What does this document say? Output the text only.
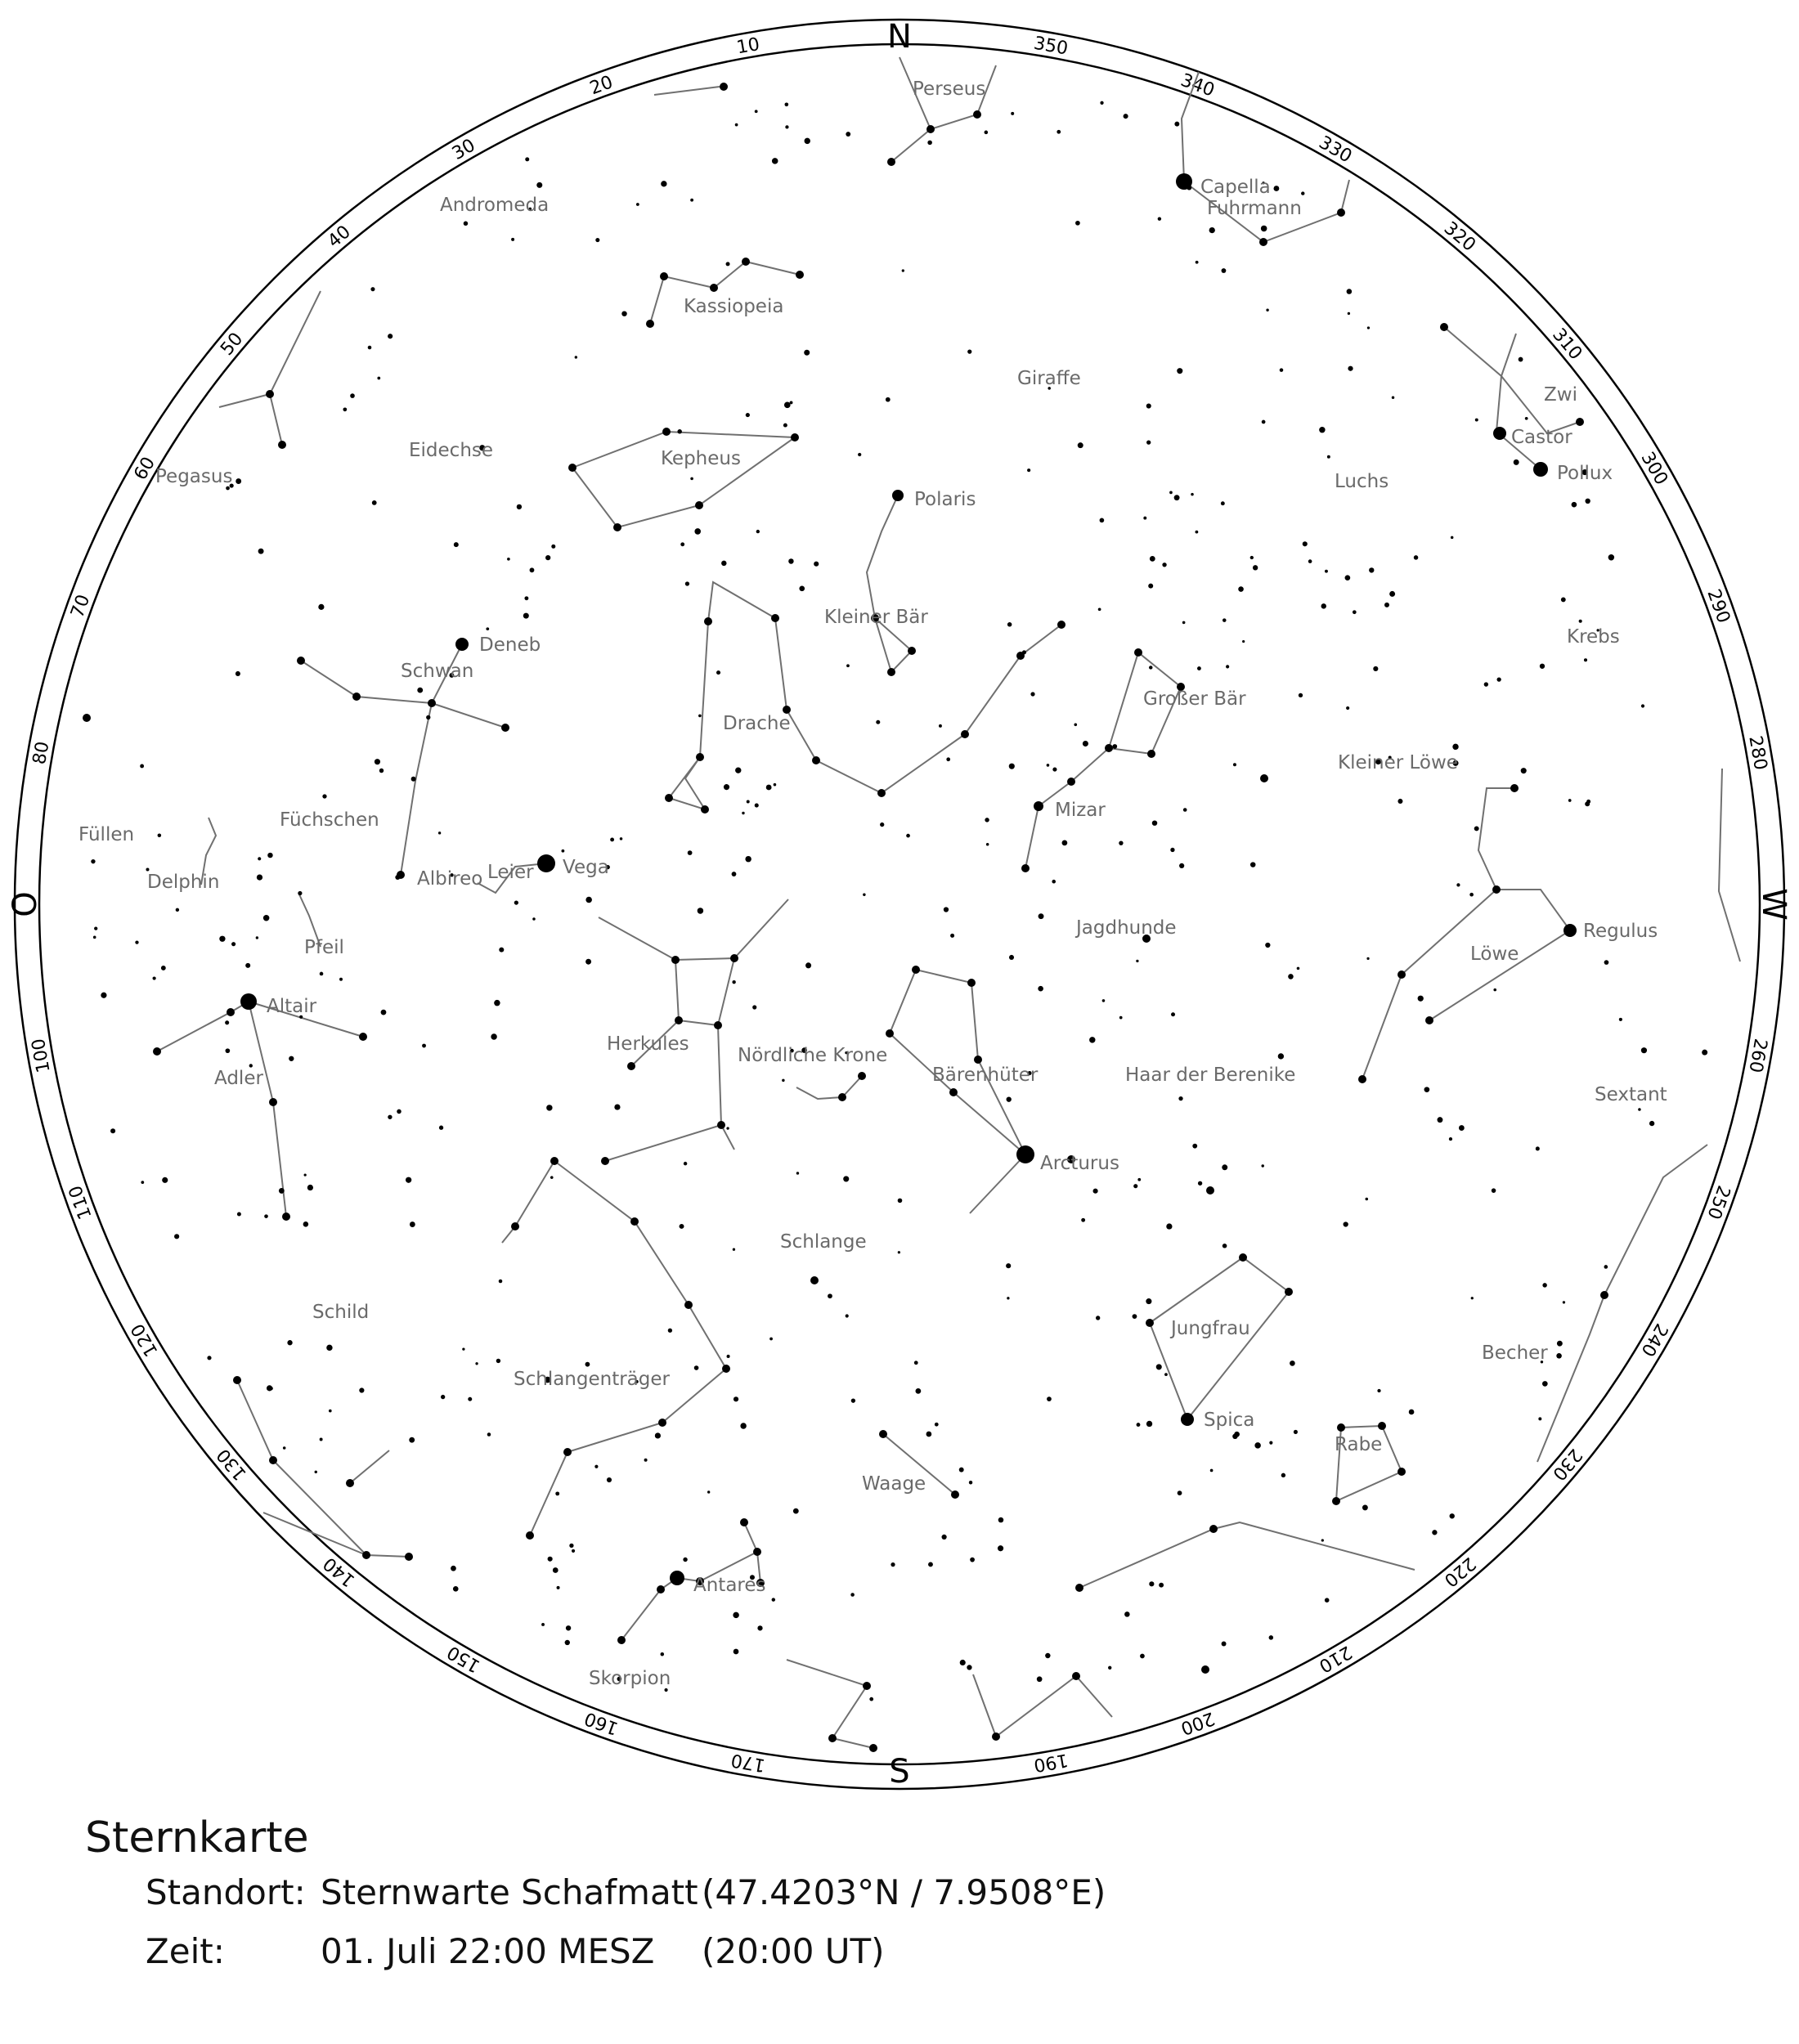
N
S
O	W
10
20
30
40
50
60
70
80
100
110
120
130
140
150
160
170	190
200
210
220
230
240
250
260
280
290
300
310
320
330
340
350
Perseus
Andromeda
Kassiopeia
Giraffe
Fuhrmann
Zwi
Luchs
Eidechse
Pegasus
Kepheus
Kleiner Bär
Drache
Schwan
Füchschen
Füllen
Delphin	Leier
Großer Bär
Kleiner Löwe
Krebs
Jagdhunde
Löwe
Pfeil
Adler
Herkules
Nördliche Krone
Bärenhüter	Haar der Berenike
Sextant
Schlange
Schild
Schlangenträger
Jungfrau
Becher
Rabe
Waage
Skorpion
Capella
Castor
Pollux
Polaris
Deneb
Vega
Albireo
Mizar
Regulus
Altair
Arcturus
Spica
Antares
Sternkarte
Standort: Sternwarte Schafmatt (47.4203°N / 7.9508°E)
Zeit:	01. Juli 22:00 MESZ (20:00 UT)
